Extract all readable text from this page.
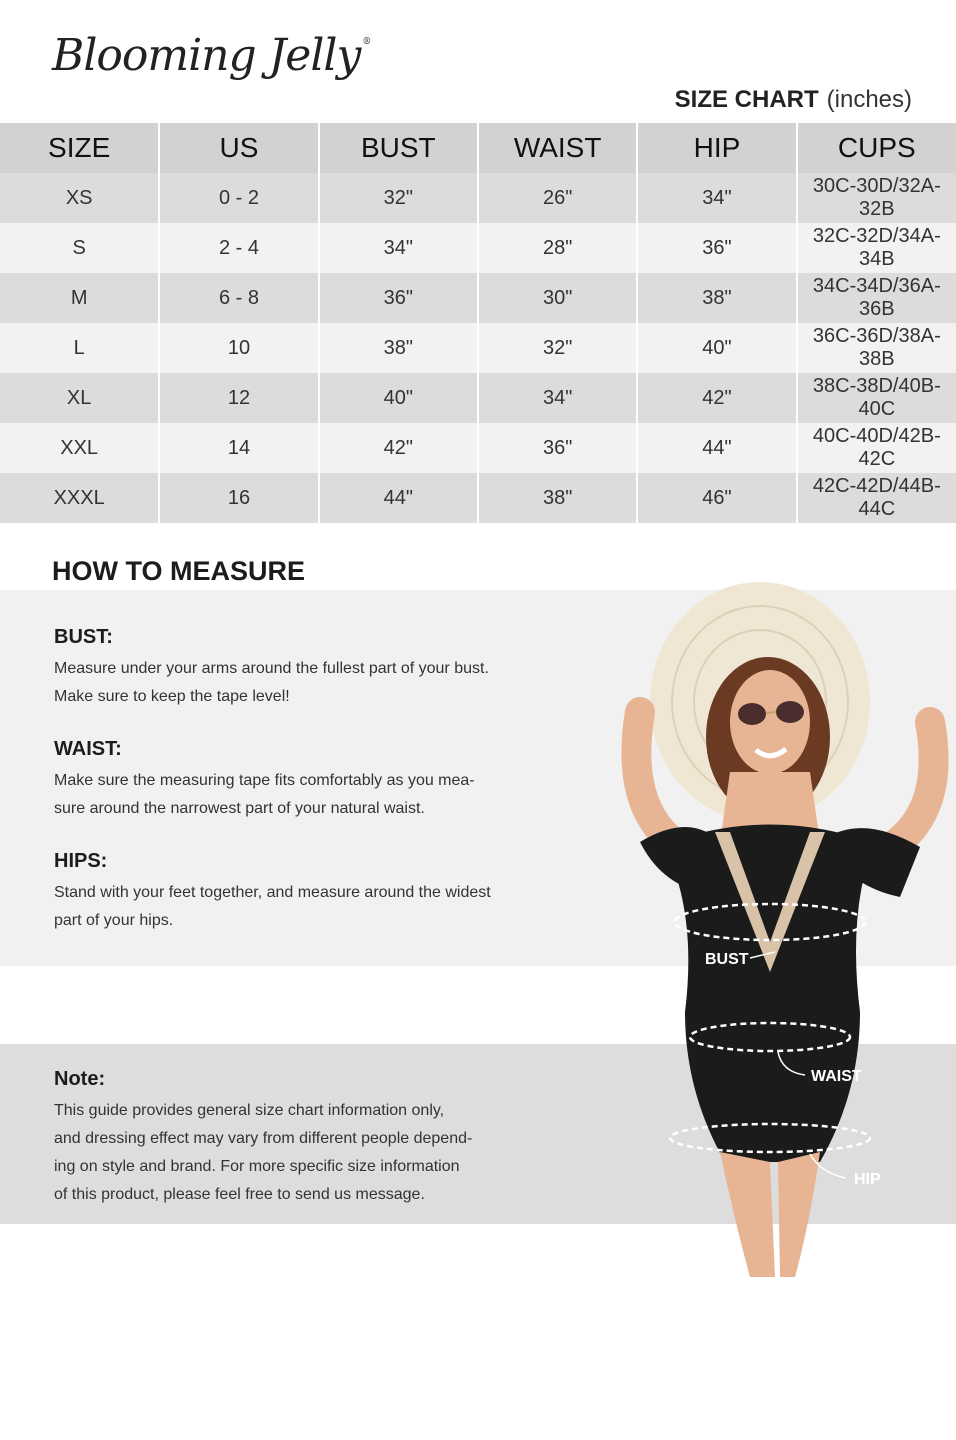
Blooming Jelly ®
SIZE CHART (inches)
SIZE	US	BUST	WAIST	HIP	CUPS
XS	0 - 2	32"	26"	34"	30C-30D/32A-32B
S	2 - 4	34"	28"	36"	32C-32D/34A-34B
M	6 - 8	36"	30"	38"	34C-34D/36A-36B
L	10	38"	32"	40"	36C-36D/38A-38B
XL	12	40"	34"	42"	38C-38D/40B-40C
XXL	14	42"	36"	44"	40C-40D/42B-42C
XXXL	16	44"	38"	46"	42C-42D/44B-44C
HOW TO MEASURE
BUST:

Measure under your arms around the fullest part of your bust.

Make sure to keep the tape level!

WAIST:

Make sure the measuring tape fits comfortably as you mea-

sure around the narrowest part of your natural waist.

HIPS:

Stand with your feet together, and measure around the widest

part of your hips.

Note:

This guide provides general size chart information only,

and dressing effect may vary from different people depend-

ing on style and brand. For more specific size information

of this product, please feel free to send us message.

BUST
WAIST
HIP
